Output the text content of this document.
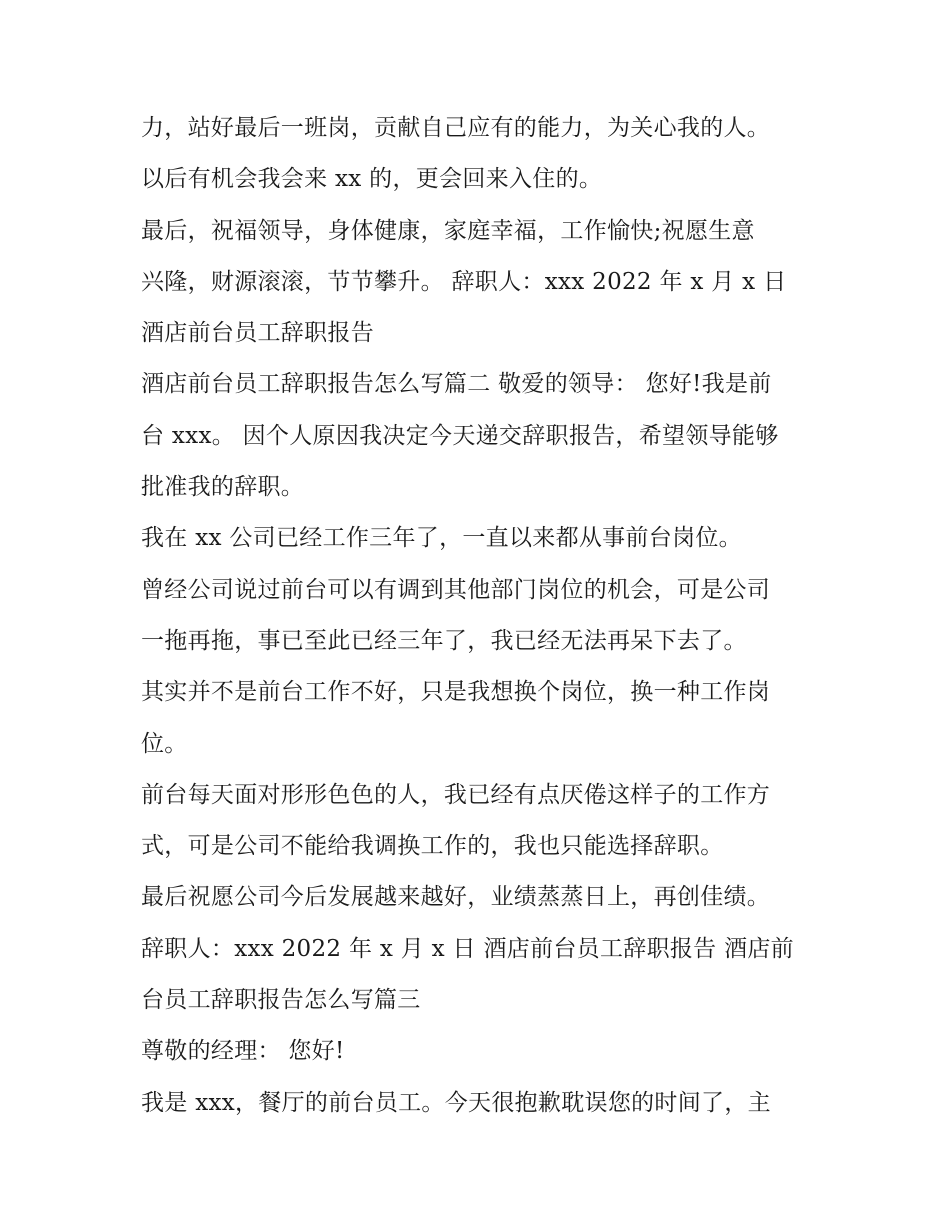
力，站好最后一班岗，贡献自己应有的能力，为关心我的人。
以后有机会我会来 xx 的，更会回来入住的。
最后，祝福领导，身体健康，家庭幸福，工作愉快;祝愿生意
兴隆，财源滚滚，节节攀升。 辞职人：xxx 2022 年 x 月 x 日
酒店前台员工辞职报告
酒店前台员工辞职报告怎么写篇二 敬爱的领导： 您好!我是前
台 xxx。 因个人原因我决定今天递交辞职报告，希望领导能够
批准我的辞职。
我在 xx 公司已经工作三年了，一直以来都从事前台岗位。
曾经公司说过前台可以有调到其他部门岗位的机会，可是公司
一拖再拖，事已至此已经三年了，我已经无法再呆下去了。
其实并不是前台工作不好，只是我想换个岗位，换一种工作岗
位。
前台每天面对形形色色的人，我已经有点厌倦这样子的工作方
式，可是公司不能给我调换工作的，我也只能选择辞职。
最后祝愿公司今后发展越来越好，业绩蒸蒸日上，再创佳绩。
辞职人：xxx 2022 年 x 月 x 日 酒店前台员工辞职报告 酒店前
台员工辞职报告怎么写篇三
尊敬的经理： 您好!
我是 xxx，餐厅的前台员工。今天很抱歉耽误您的时间了，主
